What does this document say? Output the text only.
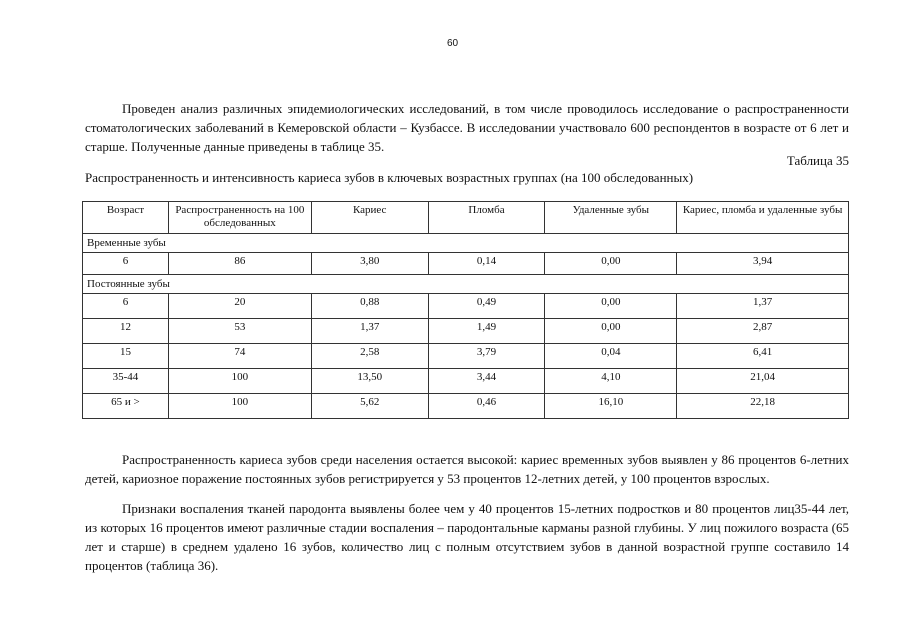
60

Проведен анализ различных эпидемиологических исследований, в том числе проводилось исследование о распространенности стоматологических заболеваний в Кемеровской области – Кузбассе. В исследовании участвовало 600 респондентов в возрасте от 6 лет и старше. Полученные данные приведены в таблице 35.

Таблица 35
Распространенность и интенсивность кариеса зубов в ключевых возрастных группах (на 100 обследованных)
Возраст	Распространенность на 100 обследованных	Кариес	Пломба	Удаленные зубы	Кариес, пломба и удаленные зубы
Временные зубы					
6	86	3,80	0,14	0,00	3,94
Постоянные зубы					
6	20	0,88	0,49	0,00	1,37
12	53	1,37	1,49	0,00	2,87
15	74	2,58	3,79	0,04	6,41
35-44	100	13,50	3,44	4,10	21,04
65 и >	100	5,62	0,46	16,10	22,18

Распространенность кариеса зубов среди населения остается высокой: кариес временных зубов выявлен у 86 процентов 6-летних детей, кариозное поражение постоянных зубов регистрируется у 53 процентов 12-летних детей, у 100 процентов взрослых.

Признаки воспаления тканей пародонта выявлены более чем у 40 процентов 15-летних подростков и 80 процентов лиц35-44 лет, из которых 16 процентов имеют различные стадии воспаления – пародонтальные карманы разной глубины. У лиц пожилого возраста (65 лет и старше) в среднем удалено 16 зубов, количество лиц с полным отсутствием зубов в данной возрастной группе составило 14 процентов (таблица 36).
